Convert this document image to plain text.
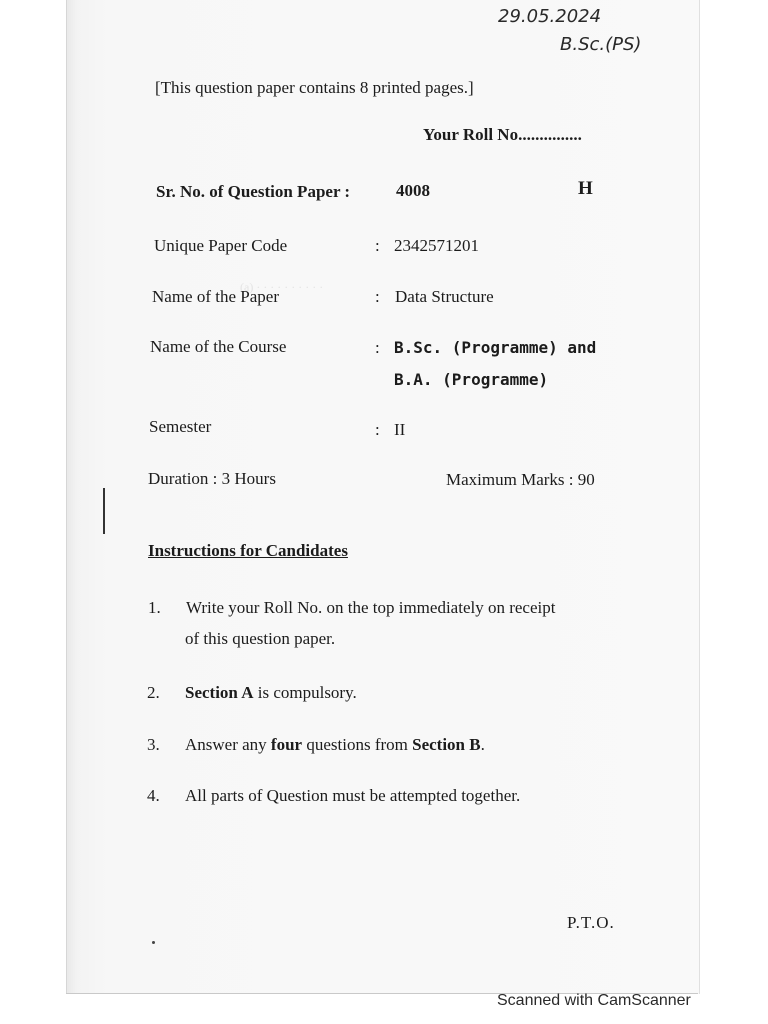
(a) · · · · · · · · · ·
29.05.2024
B.Sc.(PS)
[This question paper contains 8 printed pages.]
Your Roll No...............
Sr. No. of Question Paper :	4008	H
Unique Paper Code	: 2342571201
Name of the Paper	: Data Structure
Name of the Course	: B.Sc. (Programme) and
B.A. (Programme)
Semester	: II
Duration : 3 Hours	Maximum Marks : 90
Instructions for Candidates
1. Write your Roll No. on the top immediately on receipt
of this question paper.
2. Section A is compulsory.
3. Answer any four questions from Section B.
4. All parts of Question must be attempted together.
P.T.O.
Scanned with CamScanner
